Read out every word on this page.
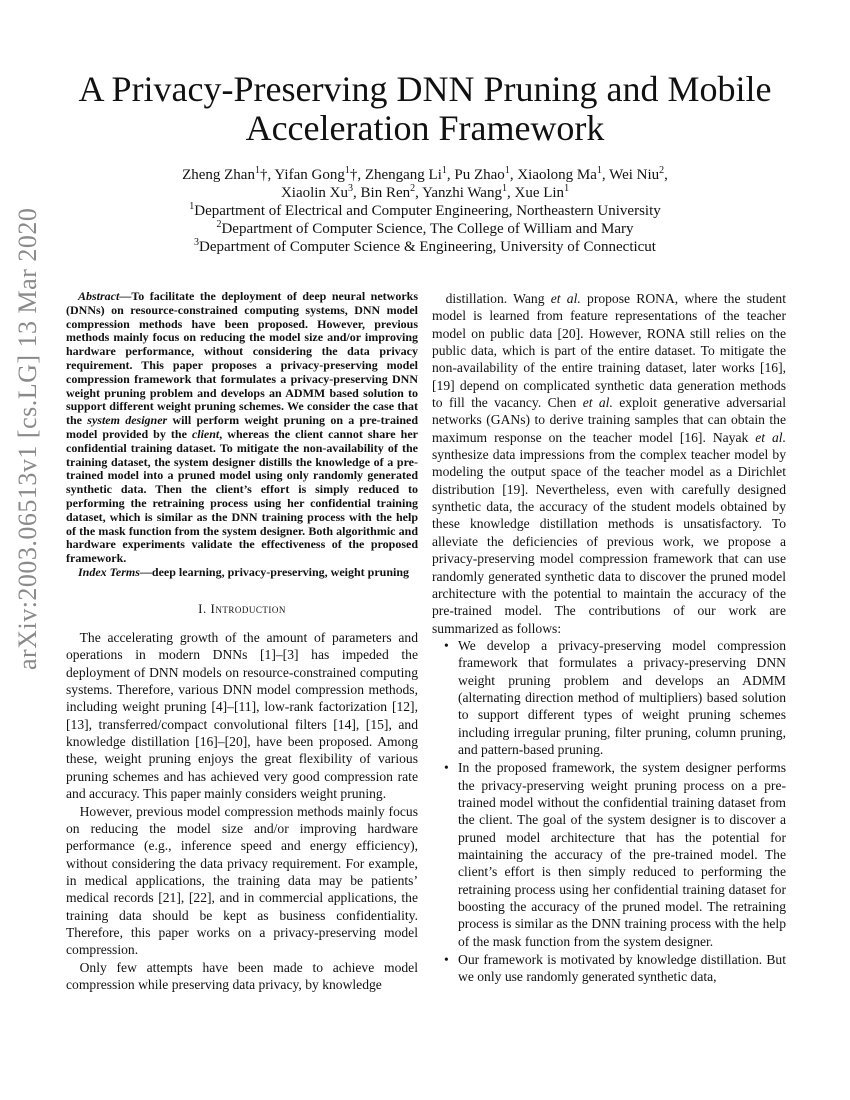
A Privacy-Preserving DNN Pruning and Mobile Acceleration Framework
Zheng Zhan$^1$†, Yifan Gong$^1$†, Zhengang Li$^1$, Pu Zhao$^1$, Xiaolong Ma$^1$, Wei Niu$^2$,
Xiaolin Xu$^3$, Bin Ren$^2$, Yanzhi Wang$^1$, Xue Lin$^1$
$^1$Department of Electrical and Computer Engineering, Northeastern University
$^2$Department of Computer Science, The College of William and Mary
$^3$Department of Computer Science & Engineering, University of Connecticut
arXiv:2003.06513v1 [cs.LG] 13 Mar 2020	Abstract—To facilitate the deployment of deep neural networks (DNNs) on resource-constrained computing systems, DNN model compression methods have been proposed. However, previous methods mainly focus on reducing the model size and/or improving hardware performance, without considering the data privacy requirement. This paper proposes a privacy-preserving model compression framework that formulates a privacy-preserving DNN weight pruning problem and develops an ADMM based solution to support different weight pruning schemes. We consider the case that the system designer will perform weight pruning on a pre-trained model provided by the client, whereas the client cannot share her confidential training dataset. To mitigate the non-availability of the training dataset, the system designer distills the knowledge of a pre-trained model into a pruned model using only randomly generated synthetic data. Then the client’s effort is simply reduced to performing the retraining process using her confidential training dataset, which is similar as the DNN training process with the help of the mask function from the system designer. Both algorithmic and hardware experiments validate the effectiveness of the proposed framework.

Index Terms—deep learning, privacy-preserving, weight pruning

I. Introduction

The accelerating growth of the amount of parameters and operations in modern DNNs [1]–[3] has impeded the deployment of DNN models on resource-constrained computing systems. Therefore, various DNN model compression methods, including weight pruning [4]–[11], low-rank factorization [12], [13], transferred/compact convolutional filters [14], [15], and knowledge distillation [16]–[20], have been proposed. Among these, weight pruning enjoys the great flexibility of various pruning schemes and has achieved very good compression rate and accuracy. This paper mainly considers weight pruning.

However, previous model compression methods mainly focus on reducing the model size and/or improving hardware performance (e.g., inference speed and energy efficiency), without considering the data privacy requirement. For example, in medical applications, the training data may be patients’ medical records [21], [22], and in commercial applications, the training data should be kept as business confidentiality. Therefore, this paper works on a privacy-preserving model compression.

Only few attempts have been made to achieve model compression while preserving data privacy, by knowledge

distillation. Wang et al. propose RONA, where the student model is learned from feature representations of the teacher model on public data [20]. However, RONA still relies on the public data, which is part of the entire dataset. To mitigate the non-availability of the entire training dataset, later works [16], [19] depend on complicated synthetic data generation methods to fill the vacancy. Chen et al. exploit generative adversarial networks (GANs) to derive training samples that can obtain the maximum response on the teacher model [16]. Nayak et al. synthesize data impressions from the complex teacher model by modeling the output space of the teacher model as a Dirichlet distribution [19]. Nevertheless, even with carefully designed synthetic data, the accuracy of the student models obtained by these knowledge distillation methods is unsatisfactory. To alleviate the deficiencies of previous work, we propose a privacy-preserving model compression framework that can use randomly generated synthetic data to discover the pruned model architecture with the potential to maintain the accuracy of the pre-trained model. The contributions of our work are summarized as follows:

• We develop a privacy-preserving model compression framework that formulates a privacy-preserving DNN weight pruning problem and develops an ADMM (alternating direction method of multipliers) based solution to support different types of weight pruning schemes including irregular pruning, filter pruning, column pruning, and pattern-based pruning.
• In the proposed framework, the system designer performs the privacy-preserving weight pruning process on a pre-trained model without the confidential training dataset from the client. The goal of the system designer is to discover a pruned model architecture that has the potential for maintaining the accuracy of the pre-trained model. The client’s effort is then simply reduced to performing the retraining process using her confidential training dataset for boosting the accuracy of the pruned model. The retraining process is similar as the DNN training process with the help of the mask function from the system designer.
• Our framework is motivated by knowledge distillation. But we only use randomly generated synthetic data,
